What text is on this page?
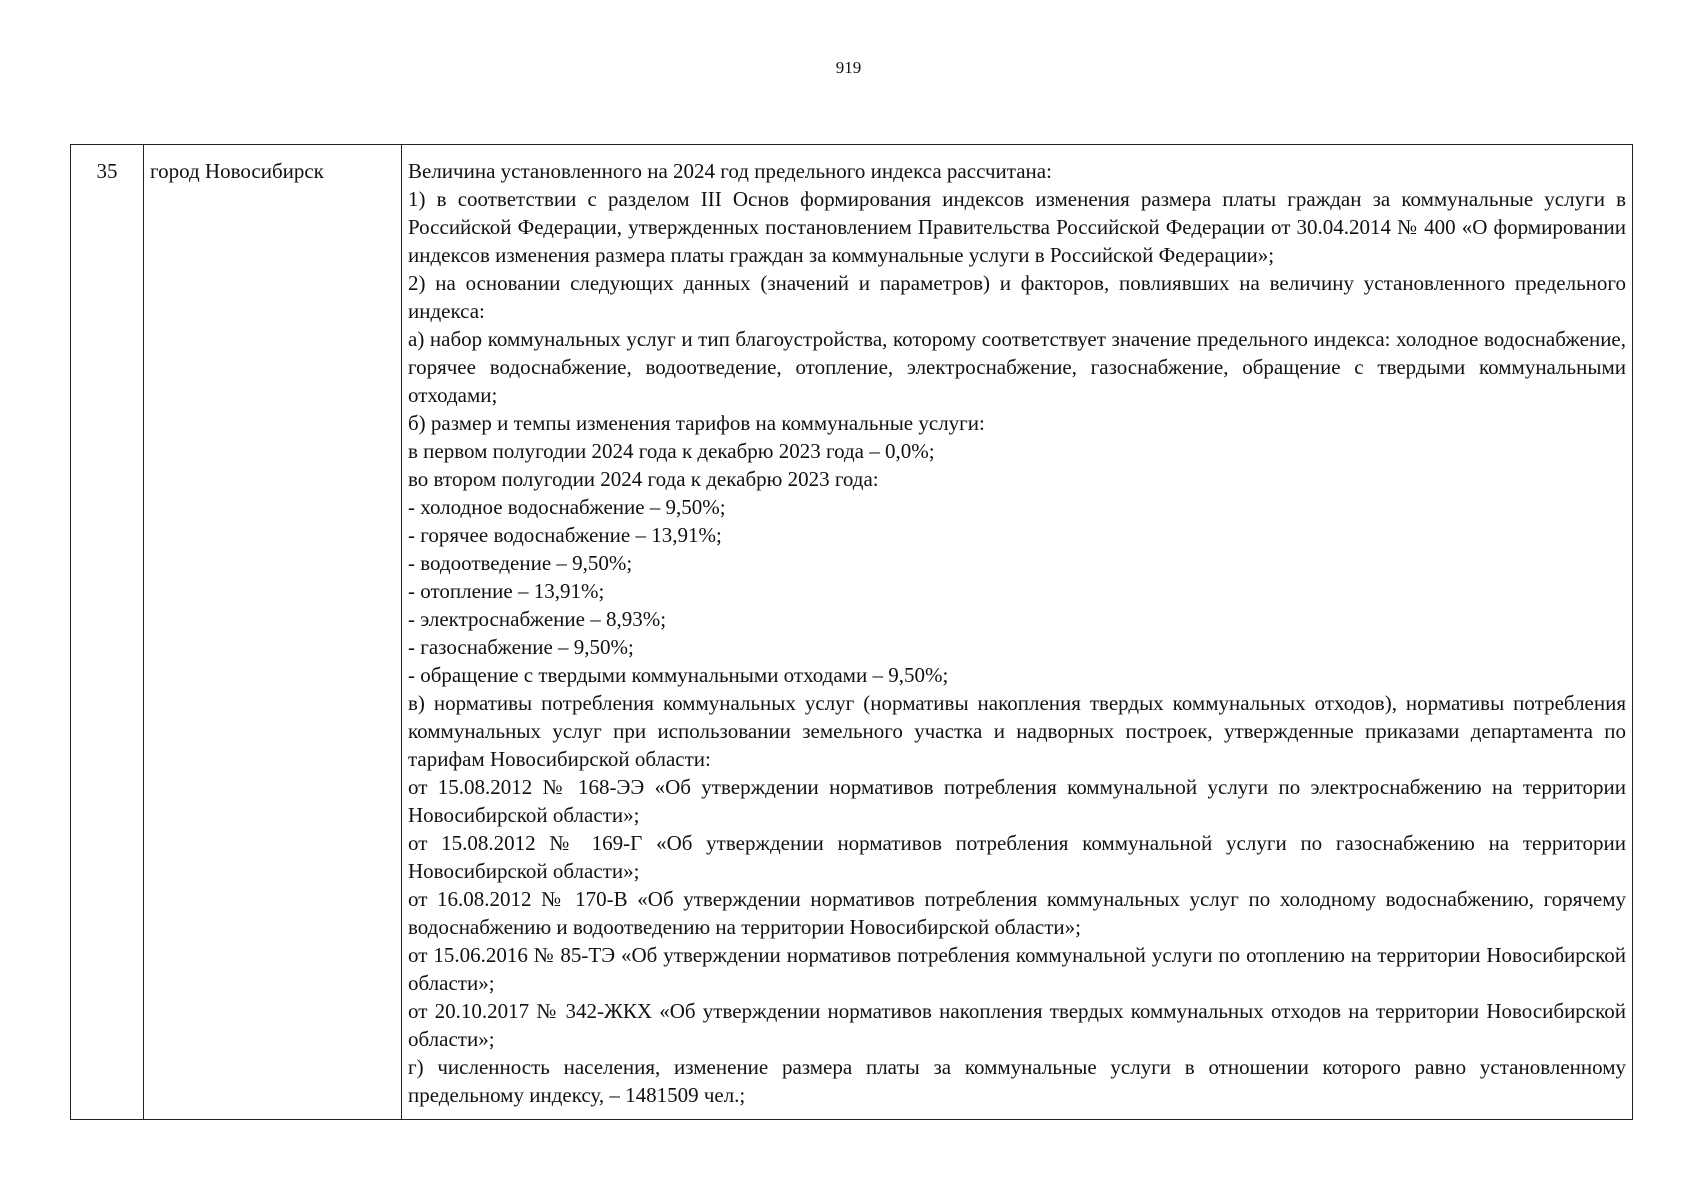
919
35	город Новосибирск	Величина установленного на 2024 год предельного индекса рассчитана:
1) в соответствии с разделом III Основ формирования индексов изменения размера платы граждан за коммунальные услуги в Российской Федерации, утвержденных постановлением Правительства Российской Федерации от 30.04.2014 № 400 «О формировании индексов изменения размера платы граждан за коммунальные услуги в Российской Федерации»;
2) на основании следующих данных (значений и параметров) и факторов, повлиявших на величину установленного предельного индекса:
а) набор коммунальных услуг и тип благоустройства, которому соответствует значение предельного индекса: холодное водоснабжение, горячее водоснабжение, водоотведение, отопление, электроснабжение, газоснабжение, обращение с твердыми коммунальными отходами;
б) размер и темпы изменения тарифов на коммунальные услуги:
в первом полугодии 2024 года к декабрю 2023 года – 0,0%;
во втором полугодии 2024 года к декабрю 2023 года:
- холодное водоснабжение – 9,50%;
- горячее водоснабжение – 13,91%;
- водоотведение – 9,50%;
- отопление – 13,91%;
- электроснабжение – 8,93%;
- газоснабжение – 9,50%;
- обращение с твердыми коммунальными отходами – 9,50%;
в) нормативы потребления коммунальных услуг (нормативы накопления твердых коммунальных отходов), нормативы потребления коммунальных услуг при использовании земельного участка и надворных построек, утвержденные приказами департамента по тарифам Новосибирской области:
от 15.08.2012 № 168-ЭЭ «Об утверждении нормативов потребления коммунальной услуги по электроснабжению на территории Новосибирской области»;
от 15.08.2012 № 169-Г «Об утверждении нормативов потребления коммунальной услуги по газоснабжению на территории Новосибирской области»;
от 16.08.2012 № 170-В «Об утверждении нормативов потребления коммунальных услуг по холодному водоснабжению, горячему водоснабжению и водоотведению на территории Новосибирской области»;
от 15.06.2016 № 85-ТЭ «Об утверждении нормативов потребления коммунальной услуги по отоплению на территории Новосибирской области»;
от 20.10.2017 № 342-ЖКХ «Об утверждении нормативов накопления твердых коммунальных отходов на территории Новосибирской области»;
г) численность населения, изменение размера платы за коммунальные услуги в отношении которого равно установленному предельному индексу, – 1481509 чел.;
